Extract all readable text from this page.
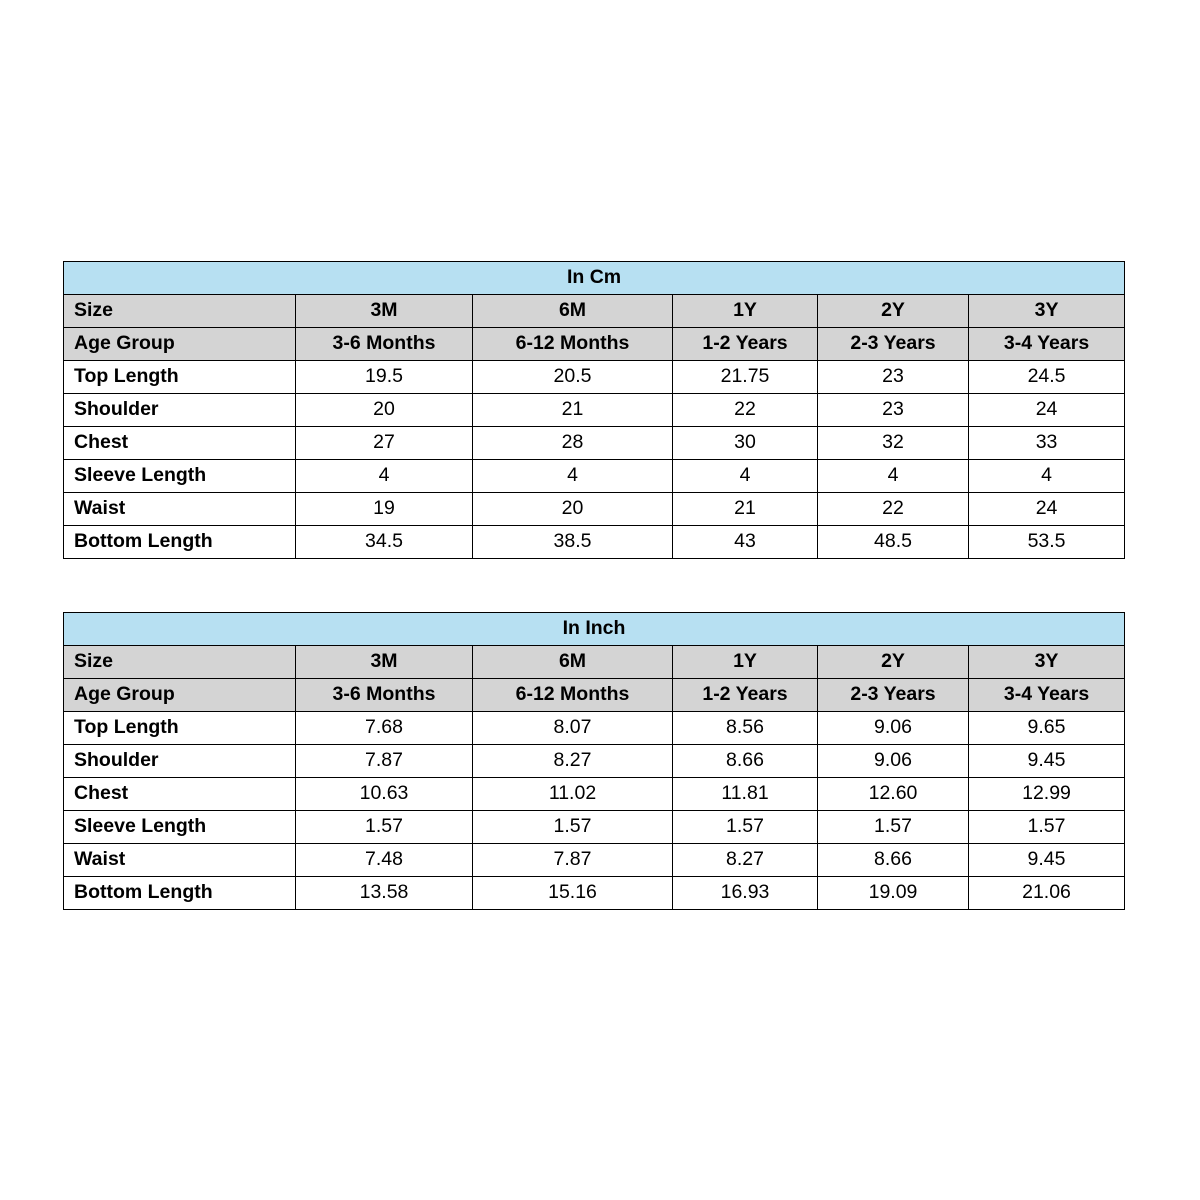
In Cm					
Size	3M	6M	1Y	2Y	3Y
Age Group	3-6 Months	6-12 Months	1-2 Years	2-3 Years	3-4 Years
Top Length	19.5	20.5	21.75	23	24.5
Shoulder	20	21	22	23	24
Chest	27	28	30	32	33
Sleeve Length	4	4	4	4	4
Waist	19	20	21	22	24
Bottom Length	34.5	38.5	43	48.5	53.5
In Inch					
Size	3M	6M	1Y	2Y	3Y
Age Group	3-6 Months	6-12 Months	1-2 Years	2-3 Years	3-4 Years
Top Length	7.68	8.07	8.56	9.06	9.65
Shoulder	7.87	8.27	8.66	9.06	9.45
Chest	10.63	11.02	11.81	12.60	12.99
Sleeve Length	1.57	1.57	1.57	1.57	1.57
Waist	7.48	7.87	8.27	8.66	9.45
Bottom Length	13.58	15.16	16.93	19.09	21.06
